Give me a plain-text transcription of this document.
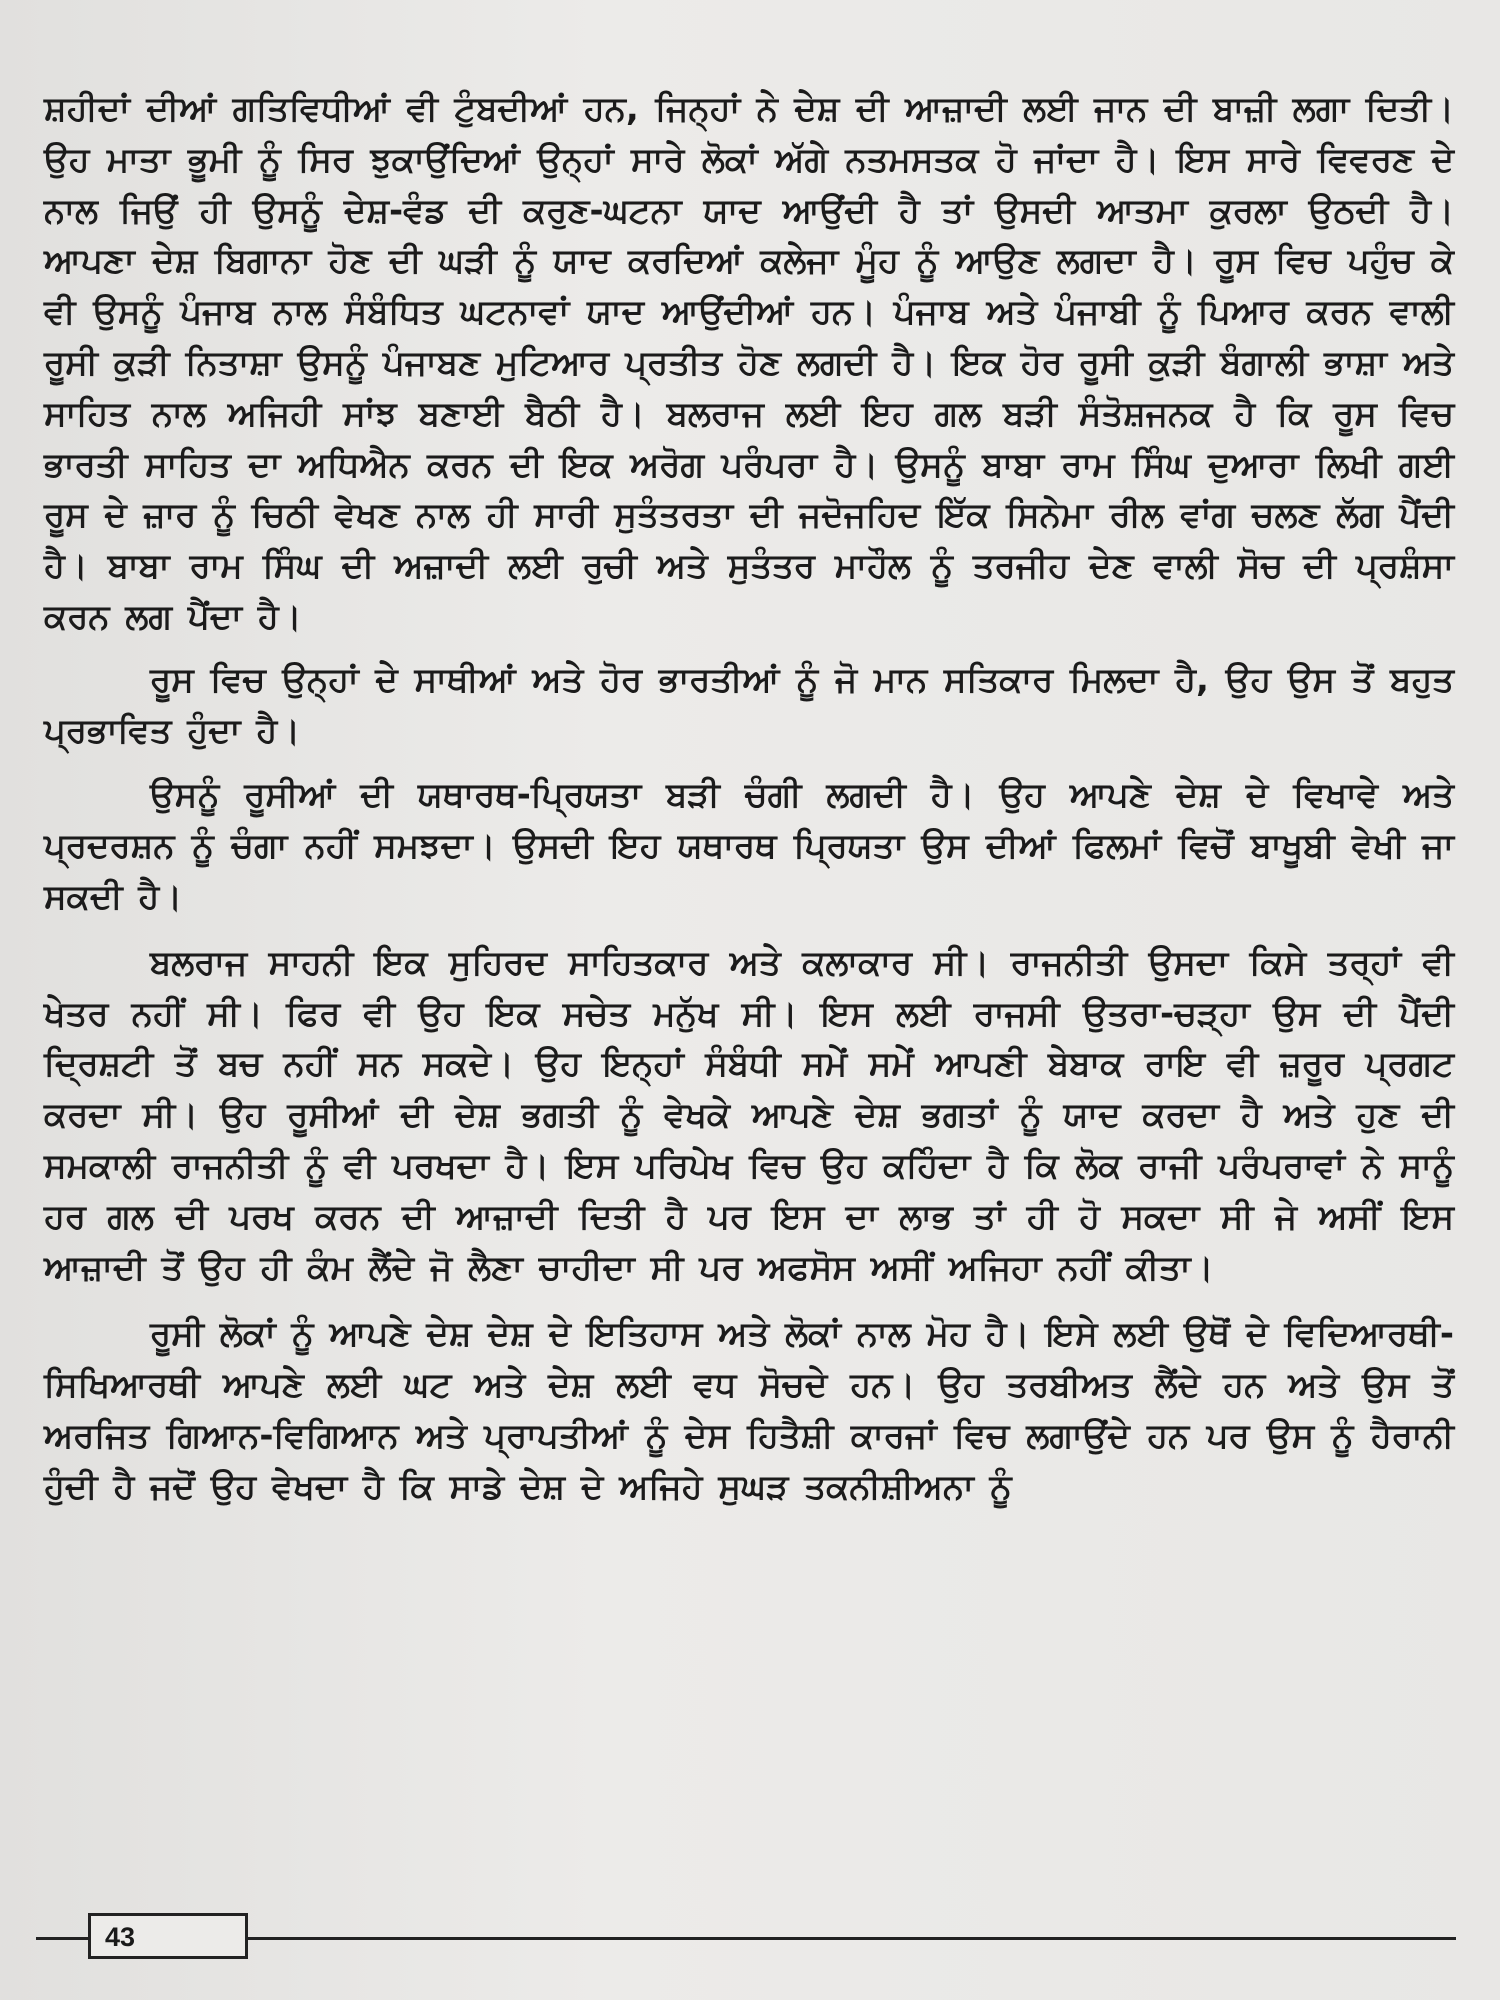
ਸ਼ਹੀਦਾਂ ਦੀਆਂ ਗਤਿਵਿਧੀਆਂ ਵੀ ਟੁੰਬਦੀਆਂ ਹਨ, ਜਿਨ੍ਹਾਂ ਨੇ ਦੇਸ਼ ਦੀ ਆਜ਼ਾਦੀ ਲਈ ਜਾਨ ਦੀ ਬਾਜ਼ੀ ਲਗਾ ਦਿਤੀ। ਉਹ ਮਾਤਾ ਭੂਮੀ ਨੂੰ ਸਿਰ ਝੁਕਾਉਂਦਿਆਂ ਉਨ੍ਹਾਂ ਸਾਰੇ ਲੋਕਾਂ ਅੱਗੇ ਨਤਮਸਤਕ ਹੋ ਜਾਂਦਾ ਹੈ। ਇਸ ਸਾਰੇ ਵਿਵਰਣ ਦੇ ਨਾਲ ਜਿਉਂ ਹੀ ਉਸਨੂੰ ਦੇਸ਼-ਵੰਡ ਦੀ ਕਰੁਣ-ਘਟਨਾ ਯਾਦ ਆਉਂਦੀ ਹੈ ਤਾਂ ਉਸਦੀ ਆਤਮਾ ਕੁਰਲਾ ਉਠਦੀ ਹੈ। ਆਪਣਾ ਦੇਸ਼ ਬਿਗਾਨਾ ਹੋਣ ਦੀ ਘੜੀ ਨੂੰ ਯਾਦ ਕਰਦਿਆਂ ਕਲੇਜਾ ਮੂੰਹ ਨੂੰ ਆਉਣ ਲਗਦਾ ਹੈ। ਰੂਸ ਵਿਚ ਪਹੁੰਚ ਕੇ ਵੀ ਉਸਨੂੰ ਪੰਜਾਬ ਨਾਲ ਸੰਬੰਧਿਤ ਘਟਨਾਵਾਂ ਯਾਦ ਆਉਂਦੀਆਂ ਹਨ। ਪੰਜਾਬ ਅਤੇ ਪੰਜਾਬੀ ਨੂੰ ਪਿਆਰ ਕਰਨ ਵਾਲੀ ਰੂਸੀ ਕੁੜੀ ਨਿਤਾਸ਼ਾ ਉਸਨੂੰ ਪੰਜਾਬਣ ਮੁਟਿਆਰ ਪ੍ਰਤੀਤ ਹੋਣ ਲਗਦੀ ਹੈ। ਇਕ ਹੋਰ ਰੂਸੀ ਕੁੜੀ ਬੰਗਾਲੀ ਭਾਸ਼ਾ ਅਤੇ ਸਾਹਿਤ ਨਾਲ ਅਜਿਹੀ ਸਾਂਝ ਬਣਾਈ ਬੈਠੀ ਹੈ। ਬਲਰਾਜ ਲਈ ਇਹ ਗਲ ਬੜੀ ਸੰਤੋਸ਼ਜਨਕ ਹੈ ਕਿ ਰੂਸ ਵਿਚ ਭਾਰਤੀ ਸਾਹਿਤ ਦਾ ਅਧਿਐਨ ਕਰਨ ਦੀ ਇਕ ਅਰੋਗ ਪਰੰਪਰਾ ਹੈ। ਉਸਨੂੰ ਬਾਬਾ ਰਾਮ ਸਿੰਘ ਦੁਆਰਾ ਲਿਖੀ ਗਈ ਰੂਸ ਦੇ ਜ਼ਾਰ ਨੂੰ ਚਿਠੀ ਵੇਖਣ ਨਾਲ ਹੀ ਸਾਰੀ ਸੁਤੰਤਰਤਾ ਦੀ ਜਦੋਜਹਿਦ ਇੱਕ ਸਿਨੇਮਾ ਰੀਲ ਵਾਂਗ ਚਲਣ ਲੱਗ ਪੈਂਦੀ ਹੈ। ਬਾਬਾ ਰਾਮ ਸਿੰਘ ਦੀ ਅਜ਼ਾਦੀ ਲਈ ਰੁਚੀ ਅਤੇ ਸੁਤੰਤਰ ਮਾਹੌਲ ਨੂੰ ਤਰਜੀਹ ਦੇਣ ਵਾਲੀ ਸੋਚ ਦੀ ਪ੍ਰਸ਼ੰਸਾ ਕਰਨ ਲਗ ਪੈਂਦਾ ਹੈ।

ਰੂਸ ਵਿਚ ਉਨ੍ਹਾਂ ਦੇ ਸਾਥੀਆਂ ਅਤੇ ਹੋਰ ਭਾਰਤੀਆਂ ਨੂੰ ਜੋ ਮਾਨ ਸਤਿਕਾਰ ਮਿਲਦਾ ਹੈ, ਉਹ ਉਸ ਤੋਂ ਬਹੁਤ ਪ੍ਰਭਾਵਿਤ ਹੁੰਦਾ ਹੈ।

ਉਸਨੂੰ ਰੂਸੀਆਂ ਦੀ ਯਥਾਰਥ-ਪ੍ਰਿਯਤਾ ਬੜੀ ਚੰਗੀ ਲਗਦੀ ਹੈ। ਉਹ ਆਪਣੇ ਦੇਸ਼ ਦੇ ਵਿਖਾਵੇ ਅਤੇ ਪ੍ਰਦਰਸ਼ਨ ਨੂੰ ਚੰਗਾ ਨਹੀਂ ਸਮਝਦਾ। ਉਸਦੀ ਇਹ ਯਥਾਰਥ ਪ੍ਰਿਯਤਾ ਉਸ ਦੀਆਂ ਫਿਲਮਾਂ ਵਿਚੋਂ ਬਾਖੂਬੀ ਵੇਖੀ ਜਾ ਸਕਦੀ ਹੈ।

ਬਲਰਾਜ ਸਾਹਨੀ ਇਕ ਸੁਹਿਰਦ ਸਾਹਿਤਕਾਰ ਅਤੇ ਕਲਾਕਾਰ ਸੀ। ਰਾਜਨੀਤੀ ਉਸਦਾ ਕਿਸੇ ਤਰ੍ਹਾਂ ਵੀ ਖੇਤਰ ਨਹੀਂ ਸੀ। ਫਿਰ ਵੀ ਉਹ ਇਕ ਸਚੇਤ ਮਨੁੱਖ ਸੀ। ਇਸ ਲਈ ਰਾਜਸੀ ਉਤਰਾ-ਚੜ੍ਹਾ ਉਸ ਦੀ ਪੈਂਦੀ ਦ੍ਰਿਸ਼ਟੀ ਤੋਂ ਬਚ ਨਹੀਂ ਸਨ ਸਕਦੇ। ਉਹ ਇਨ੍ਹਾਂ ਸੰਬੰਧੀ ਸਮੇਂ ਸਮੇਂ ਆਪਣੀ ਬੇਬਾਕ ਰਾਇ ਵੀ ਜ਼ਰੂਰ ਪ੍ਰਗਟ ਕਰਦਾ ਸੀ। ਉਹ ਰੂਸੀਆਂ ਦੀ ਦੇਸ਼ ਭਗਤੀ ਨੂੰ ਵੇਖਕੇ ਆਪਣੇ ਦੇਸ਼ ਭਗਤਾਂ ਨੂੰ ਯਾਦ ਕਰਦਾ ਹੈ ਅਤੇ ਹੁਣ ਦੀ ਸਮਕਾਲੀ ਰਾਜਨੀਤੀ ਨੂੰ ਵੀ ਪਰਖਦਾ ਹੈ। ਇਸ ਪਰਿਪੇਖ ਵਿਚ ਉਹ ਕਹਿੰਦਾ ਹੈ ਕਿ ਲੋਕ ਰਾਜੀ ਪਰੰਪਰਾਵਾਂ ਨੇ ਸਾਨੂੰ ਹਰ ਗਲ ਦੀ ਪਰਖ ਕਰਨ ਦੀ ਆਜ਼ਾਦੀ ਦਿਤੀ ਹੈ ਪਰ ਇਸ ਦਾ ਲਾਭ ਤਾਂ ਹੀ ਹੋ ਸਕਦਾ ਸੀ ਜੇ ਅਸੀਂ ਇਸ ਆਜ਼ਾਦੀ ਤੋਂ ਉਹ ਹੀ ਕੰਮ ਲੈਂਦੇ ਜੋ ਲੈਣਾ ਚਾਹੀਦਾ ਸੀ ਪਰ ਅਫਸੋਸ ਅਸੀਂ ਅਜਿਹਾ ਨਹੀਂ ਕੀਤਾ।

ਰੂਸੀ ਲੋਕਾਂ ਨੂੰ ਆਪਣੇ ਦੇਸ਼ ਦੇਸ਼ ਦੇ ਇਤਿਹਾਸ ਅਤੇ ਲੋਕਾਂ ਨਾਲ ਮੋਹ ਹੈ। ਇਸੇ ਲਈ ਉਥੋਂ ਦੇ ਵਿਦਿਆਰਥੀ-ਸਿਖਿਆਰਥੀ ਆਪਣੇ ਲਈ ਘਟ ਅਤੇ ਦੇਸ਼ ਲਈ ਵਧ ਸੋਚਦੇ ਹਨ। ਉਹ ਤਰਬੀਅਤ ਲੈਂਦੇ ਹਨ ਅਤੇ ਉਸ ਤੋਂ ਅਰਜਿਤ ਗਿਆਨ-ਵਿਗਿਆਨ ਅਤੇ ਪ੍ਰਾਪਤੀਆਂ ਨੂੰ ਦੇਸ ਹਿਤੈਸ਼ੀ ਕਾਰਜਾਂ ਵਿਚ ਲਗਾਉਂਦੇ ਹਨ ਪਰ ਉਸ ਨੂੰ ਹੈਰਾਨੀ ਹੁੰਦੀ ਹੈ ਜਦੋਂ ਉਹ ਵੇਖਦਾ ਹੈ ਕਿ ਸਾਡੇ ਦੇਸ਼ ਦੇ ਅਜਿਹੇ ਸੁਘੜ ਤਕਨੀਸ਼ੀਅਨਾ ਨੂੰ

43
